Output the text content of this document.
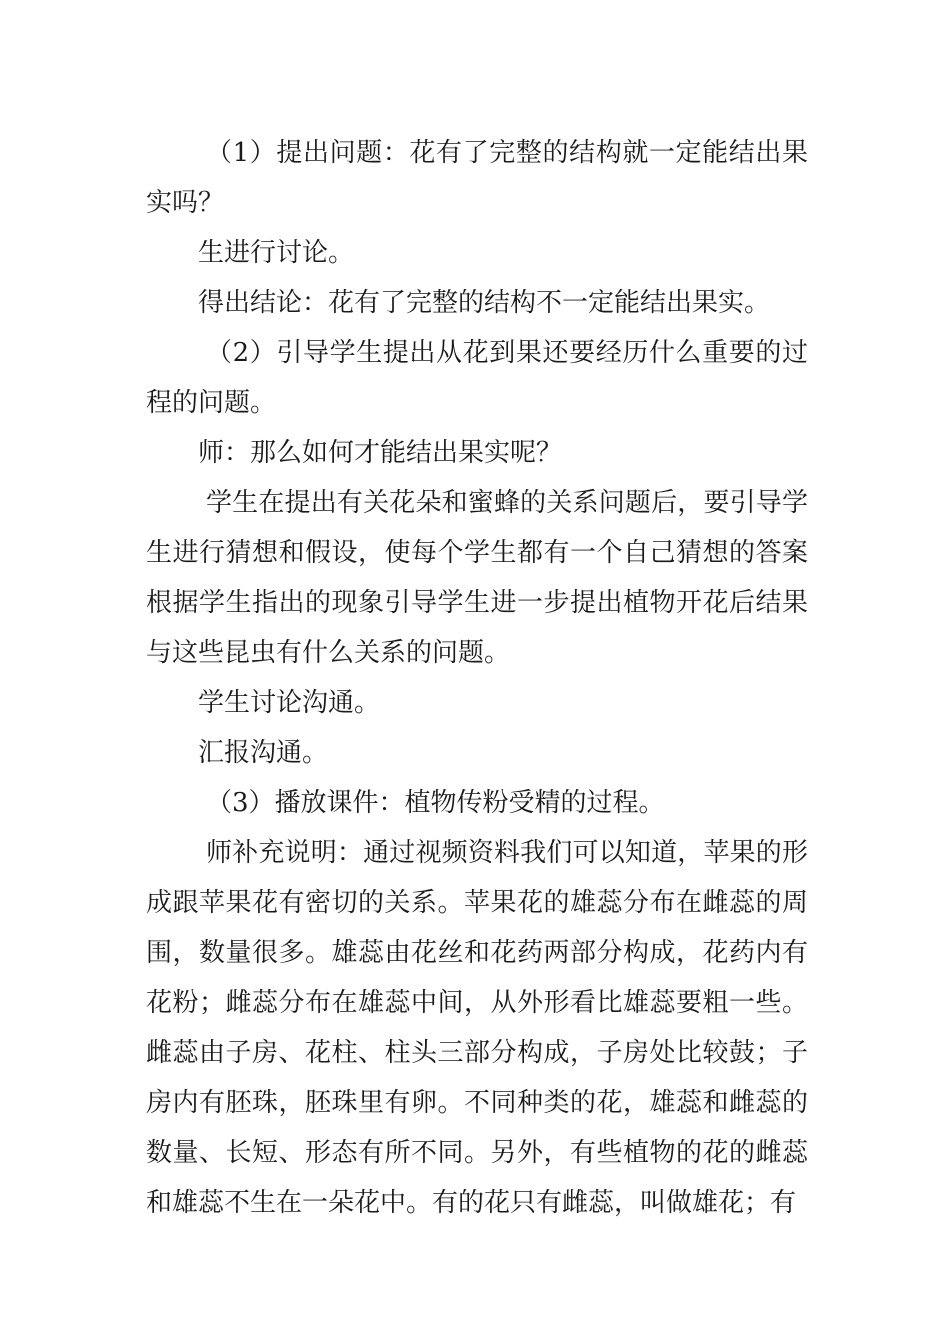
（1）提出问题：花有了完整的结构就一定能结出果实吗？

生进行讨论。

得出结论：花有了完整的结构不一定能结出果实。

（2）引导学生提出从花到果还要经历什么重要的过程的问题。

师：那么如何才能结出果实呢？

学生在提出有关花朵和蜜蜂的关系问题后，要引导学生进行猜想和假设，使每个学生都有一个自己猜想的答案根据学生指出的现象引导学生进一步提出植物开花后结果与这些昆虫有什么关系的问题。

学生讨论沟通。

汇报沟通。

（3）播放课件：植物传粉受精的过程。

师补充说明：通过视频资料我们可以知道，苹果的形成跟苹果花有密切的关系。苹果花的雄蕊分布在雌蕊的周围，数量很多。雄蕊由花丝和花药两部分构成，花药内有花粉；雌蕊分布在雄蕊中间，从外形看比雄蕊要粗一些。雌蕊由子房、花柱、柱头三部分构成，子房处比较鼓；子房内有胚珠，胚珠里有卵。不同种类的花，雄蕊和雌蕊的数量、长短、形态有所不同。另外，有些植物的花的雌蕊和雄蕊不生在一朵花中。有的花只有雌蕊，叫做雄花；有
